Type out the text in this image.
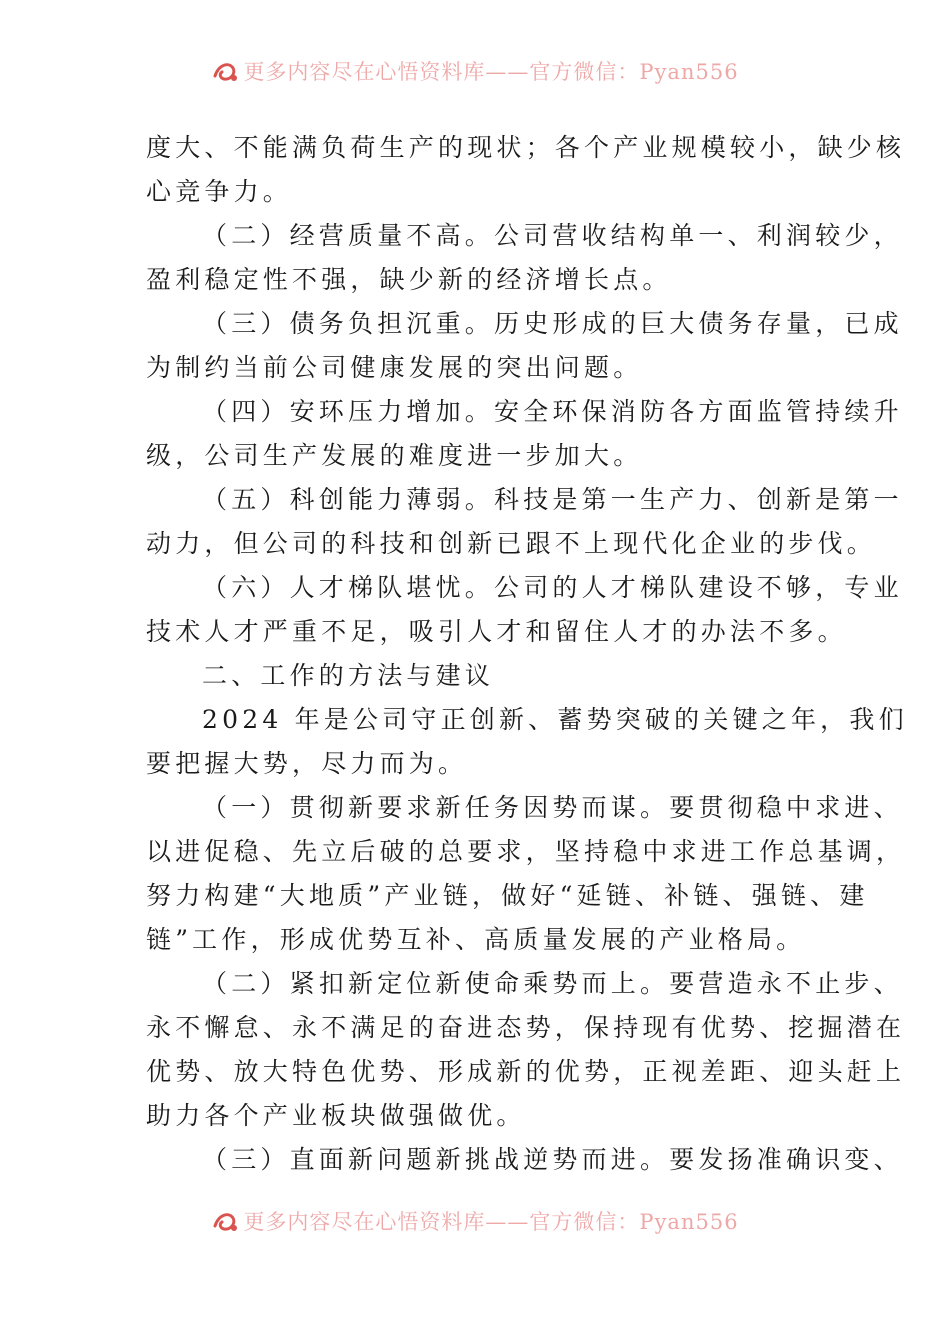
更多内容尽在心悟资料库——官方微信：Pyan556

度大、不能满负荷生产的现状；各个产业规模较小，缺少核
心竞争力。

（二）经营质量不高。公司营收结构单一、利润较少，
盈利稳定性不强，缺少新的经济增长点。

（三）债务负担沉重。历史形成的巨大债务存量，已成
为制约当前公司健康发展的突出问题。

（四）安环压力增加。安全环保消防各方面监管持续升
级，公司生产发展的难度进一步加大。

（五）科创能力薄弱。科技是第一生产力、创新是第一
动力，但公司的科技和创新已跟不上现代化企业的步伐。

（六）人才梯队堪忧。公司的人才梯队建设不够，专业
技术人才严重不足，吸引人才和留住人才的办法不多。

二、工作的方法与建议

2024 年是公司守正创新、蓄势突破的关键之年，我们
要把握大势，尽力而为。

（一）贯彻新要求新任务因势而谋。要贯彻稳中求进、
以进促稳、先立后破的总要求，坚持稳中求进工作总基调，
努力构建“大地质”产业链，做好“延链、补链、强链、建
链”工作，形成优势互补、高质量发展的产业格局。

（二）紧扣新定位新使命乘势而上。要营造永不止步、
永不懈怠、永不满足的奋进态势，保持现有优势、挖掘潜在
优势、放大特色优势、形成新的优势，正视差距、迎头赶上
助力各个产业板块做强做优。

（三）直面新问题新挑战逆势而进。要发扬准确识变、

更多内容尽在心悟资料库——官方微信：Pyan556
